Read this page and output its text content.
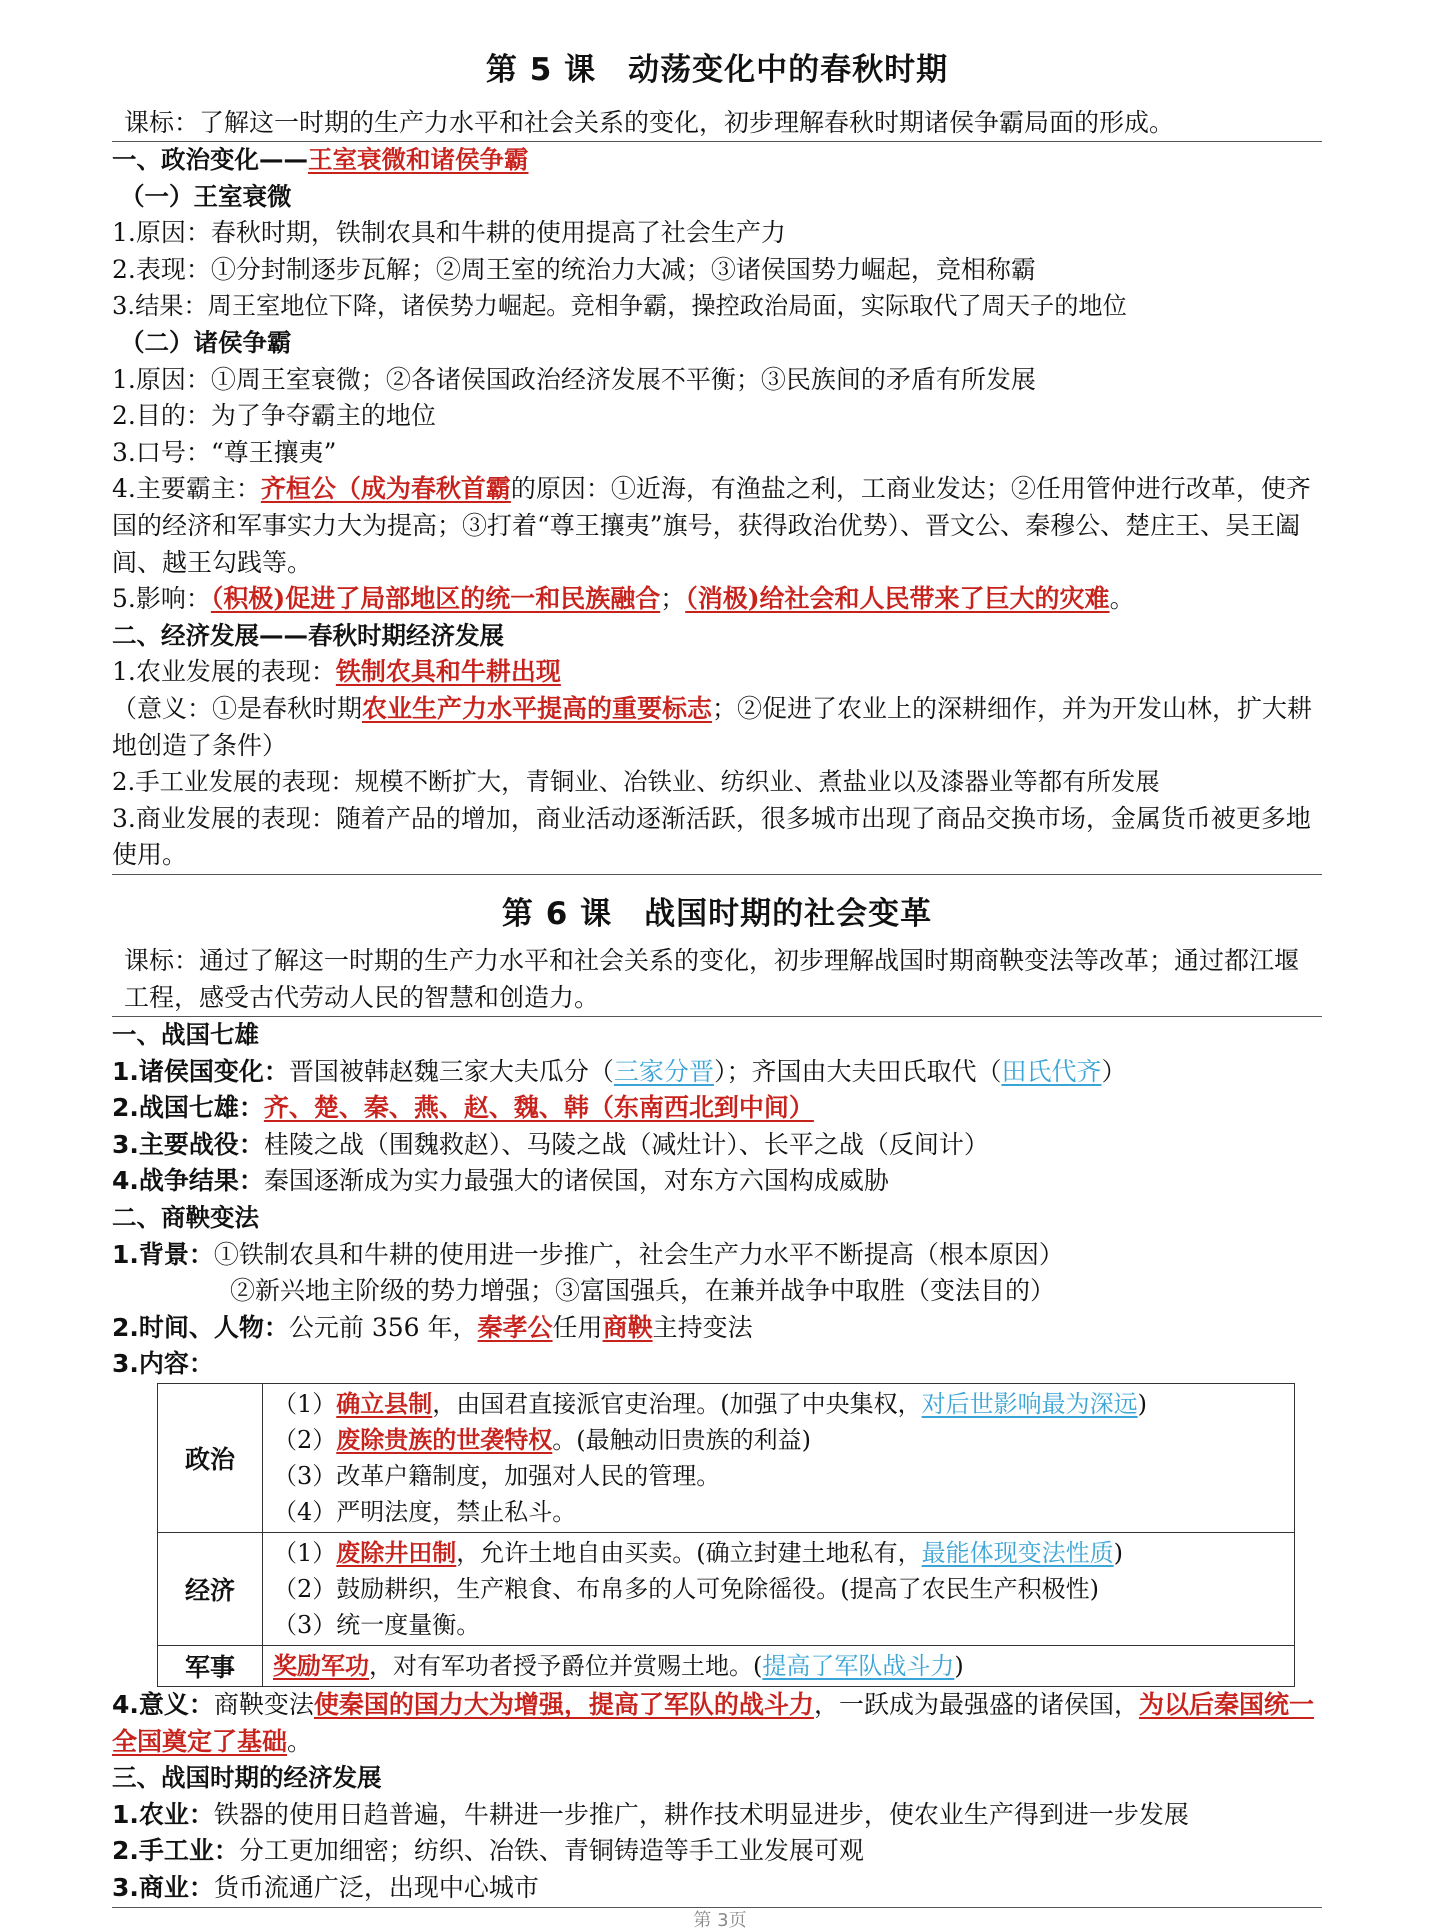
第 5 课　动荡变化中的春秋时期

课标：了解这一时期的生产力水平和社会关系的变化，初步理解春秋时期诸侯争霸局面的形成。

一、政治变化——王室衰微和诸侯争霸

（一）王室衰微

1.原因：春秋时期，铁制农具和牛耕的使用提高了社会生产力

2.表现：①分封制逐步瓦解；②周王室的统治力大减；③诸侯国势力崛起，竞相称霸

3.结果：周王室地位下降，诸侯势力崛起。竞相争霸，操控政治局面，实际取代了周天子的地位

（二）诸侯争霸

1.原因：①周王室衰微；②各诸侯国政治经济发展不平衡；③民族间的矛盾有所发展

2.目的：为了争夺霸主的地位

3.口号：“尊王攘夷”

4.主要霸主：齐桓公（成为春秋首霸的原因：①近海，有渔盐之利，工商业发达；②任用管仲进行改革，使齐国的经济和军事实力大为提高；③打着“尊王攘夷”旗号，获得政治优势）、晋文公、秦穆公、楚庄王、吴王阖闾、越王勾践等。

5.影响：（积极)促进了局部地区的统一和民族融合；（消极)给社会和人民带来了巨大的灾难。

二、经济发展——春秋时期经济发展

1.农业发展的表现：铁制农具和牛耕出现

（意义：①是春秋时期农业生产力水平提高的重要标志；②促进了农业上的深耕细作，并为开发山林，扩大耕地创造了条件）

2.手工业发展的表现：规模不断扩大，青铜业、冶铁业、纺织业、煮盐业以及漆器业等都有所发展

3.商业发展的表现：随着产品的增加，商业活动逐渐活跃，很多城市出现了商品交换市场，金属货币被更多地使用。

第 6 课　战国时期的社会变革

课标：通过了解这一时期的生产力水平和社会关系的变化，初步理解战国时期商鞅变法等改革；通过都江堰工程，感受古代劳动人民的智慧和创造力。

一、战国七雄

1.诸侯国变化：晋国被韩赵魏三家大夫瓜分（三家分晋）；齐国由大夫田氏取代（田氏代齐）

2.战国七雄：齐、楚、秦、燕、赵、魏、韩（东南西北到中间）

3.主要战役：桂陵之战（围魏救赵）、马陵之战（减灶计）、长平之战（反间计）

4.战争结果：秦国逐渐成为实力最强大的诸侯国，对东方六国构成威胁

二、商鞅变法

1.背景：①铁制农具和牛耕的使用进一步推广，社会生产力水平不断提高（根本原因）

②新兴地主阶级的势力增强；③富国强兵，在兼并战争中取胜（变法目的）

2.时间、人物：公元前 356 年，秦孝公任用商鞅主持变法

3.内容：

政治	（1）确立县制，由国君直接派官吏治理。(加强了中央集权，对后世影响最为深远)
（2）废除贵族的世袭特权。(最触动旧贵族的利益)
（3）改革户籍制度，加强对人民的管理。
（4）严明法度，禁止私斗。

经济	（1）废除井田制，允许土地自由买卖。(确立封建土地私有，最能体现变法性质)
（2）鼓励耕织，生产粮食、布帛多的人可免除徭役。(提高了农民生产积极性)
（3）统一度量衡。

军事	奖励军功，对有军功者授予爵位并赏赐土地。(提高了军队战斗力)

4.意义：商鞅变法使秦国的国力大为增强，提高了军队的战斗力，一跃成为最强盛的诸侯国，为以后秦国统一全国奠定了基础。

三、战国时期的经济发展

1.农业：铁器的使用日趋普遍，牛耕进一步推广，耕作技术明显进步，使农业生产得到进一步发展

2.手工业：分工更加细密；纺织、冶铁、青铜铸造等手工业发展可观

3.商业：货币流通广泛，出现中心城市

第 3页
